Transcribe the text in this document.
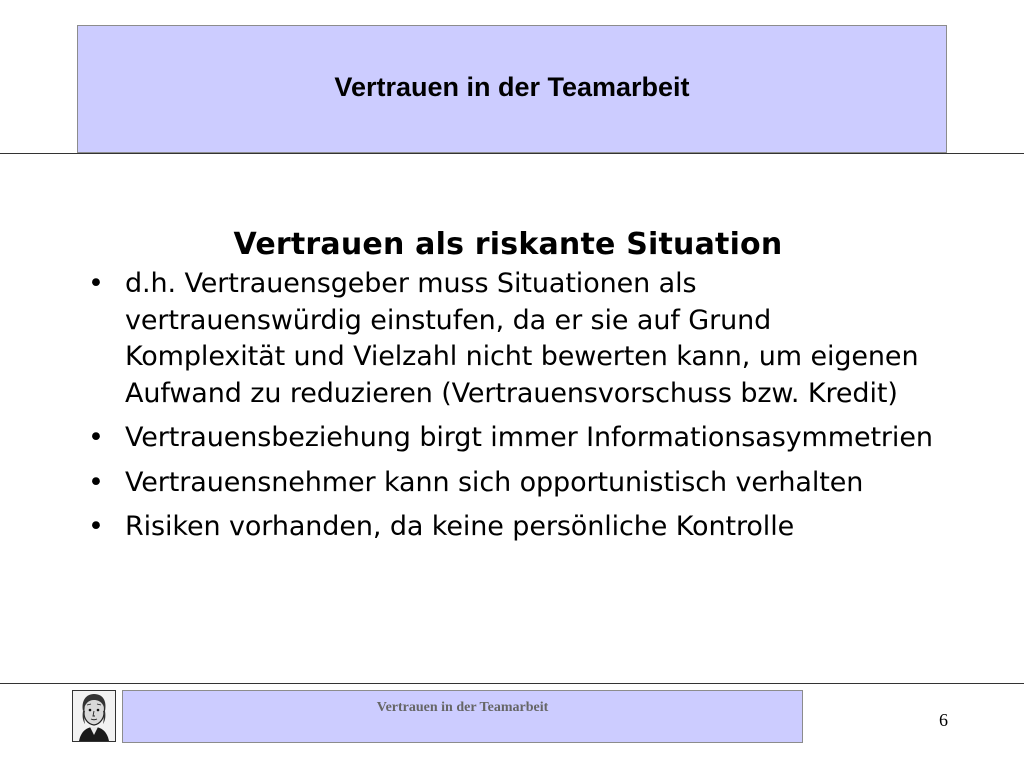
Vertrauen in der Teamarbeit
Vertrauen als riskante Situation
• d.h. Vertrauensgeber muss Situationen als vertrauenswürdig einstufen, da er sie auf Grund Komplexität und Vielzahl nicht bewerten kann, um eigenen Aufwand zu reduzieren (Vertrauensvorschuss bzw. Kredit)
• Vertrauensbeziehung birgt immer Informationsasymmetrien
• Vertrauensnehmer kann sich opportunistisch verhalten
• Risiken vorhanden, da keine persönliche Kontrolle
Vertrauen in der Teamarbeit
6
